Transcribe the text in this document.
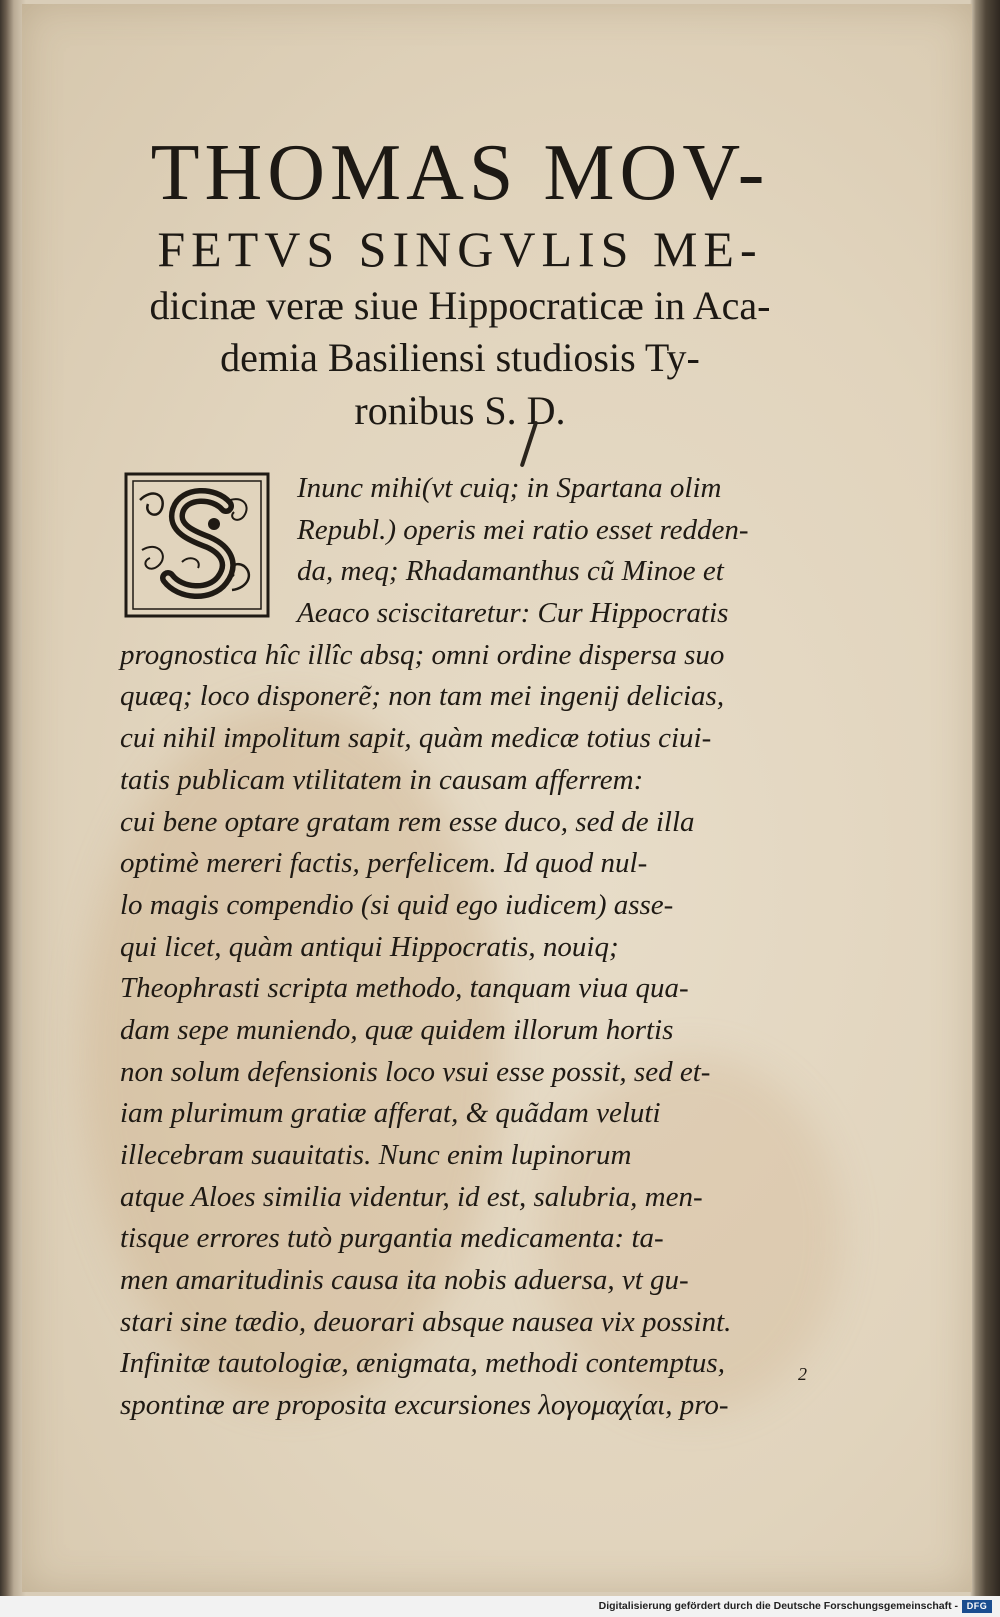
THOMAS MOV-
FETVS SINGVLIS ME-
dicinæ veræ siue Hippocraticæ in Aca-
demia Basiliensi studiosis Ty-
ronibus S. D.
Inunc mihi(vt cuiq; in Spartana olim
Republ.) operis mei ratio esset redden-
da, meq; Rhadamanthus cũ Minoe et
Aeaco sciscitaretur: Cur Hippocratis
prognostica hîc illîc absq; omni ordine dispersa suo
quæq; loco disponerẽ; non tam mei ingenij delicias,
cui nihil impolitum sapit, quàm medicæ totius ciui-
tatis publicam vtilitatem in causam afferrem:
cui bene optare gratam rem esse duco, sed de illa
optimè mereri factis, perfelicem. Id quod nul-
lo magis compendio (si quid ego iudicem) asse-
qui licet, quàm antiqui Hippocratis, nouiq;
Theophrasti scripta methodo, tanquam viua qua-
dam sepe muniendo, quæ quidem illorum hortis
non solum defensionis loco vsui esse possit, sed et-
iam plurimum gratiæ afferat, & quãdam veluti
illecebram suauitatis. Nunc enim lupinorum
atque Aloes similia videntur, id est, salubria, men-
tisque errores tutò purgantia medicamenta: ta-
men amaritudinis causa ita nobis aduersa, vt gu-
stari sine tædio, deuorari absque nausea vix possint.
Infinitæ tautologiæ, ænigmata, methodi contemptus,
spontinæ are proposita excursiones λογομαχίαι, pro-
2
Digitalisierung gefördert durch die Deutsche Forschungsgemeinschaft - DFG
